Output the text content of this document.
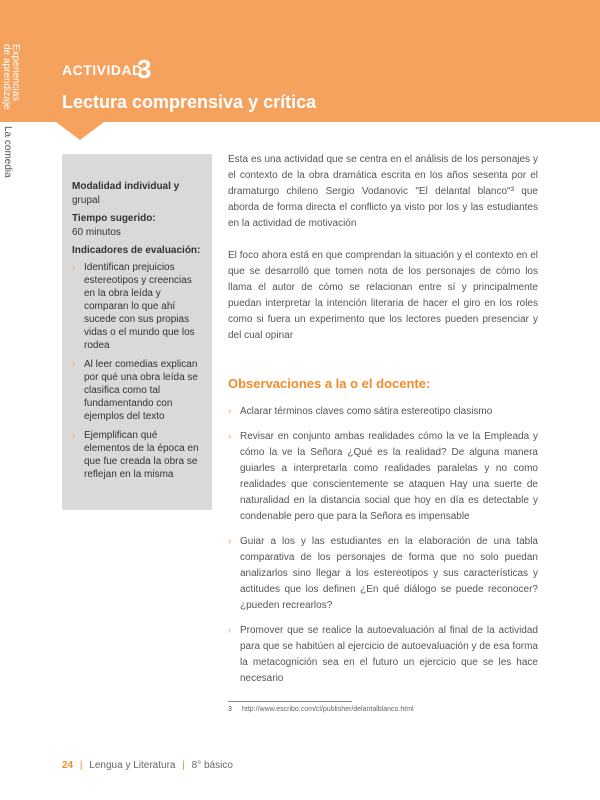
Experiencias
de aprendizaje
La comedia
ACTIVIDAD
3
Lectura comprensiva y crítica
Modalidad individual y
grupal
Tiempo sugerido:
60 minutos
Indicadores de evaluación:
› Identifican prejuicios estereotipos y creencias en la obra leída y comparan lo que ahí sucede con sus propias vidas o el mundo que los rodea
› Al leer comedias explican por qué una obra leída se clasifica como tal fundamentando con ejemplos del texto
› Ejemplifican qué elementos de la época en que fue creada la obra se reflejan en la misma

Esta es una actividad que se centra en el análisis de los personajes y el contexto de la obra dramática escrita en los años sesenta por el dramaturgo chileno Sergio Vodanovic "El delantal blanco"³ que aborda de forma directa el conflicto ya visto por los y las estudiantes en la actividad de motivación

El foco ahora está en que comprendan la situación y el contexto en el que se desarrolló que tomen nota de los personajes de cómo los llama el autor de cómo se relacionan entre sí y principalmente puedan interpretar la intención literaria de hacer el giro en los roles como si fuera un experimento que los lectores pueden presenciar y del cual opinar

Observaciones a la o el docente:
› Aclarar términos claves como sátira estereotipo clasismo
› Revisar en conjunto ambas realidades cómo la ve la Empleada y cómo la ve la Señora ¿Qué es la realidad? De alguna manera guiarles a interpretarla como realidades paralelas y no como realidades que conscientemente se ataquen Hay una suerte de naturalidad en la distancia social que hoy en día es detectable y condenable pero que para la Señora es impensable
› Guiar a los y las estudiantes en la elaboración de una tabla comparativa de los personajes de forma que no solo puedan analizarlos sino llegar a los estereotipos y sus características y actitudes que los definen ¿En qué diálogo se puede reconocer? ¿pueden recrearlos?
› Promover que se realice la autoevaluación al final de la actividad para que se habitúen al ejercicio de autoevaluación y de esa forma la metacognición sea en el futuro un ejercicio que se les hace necesario
3 http://www.escribo.com/cl/publisher/delantalblanco.html
24 | Lengua y Literatura | 8° básico
